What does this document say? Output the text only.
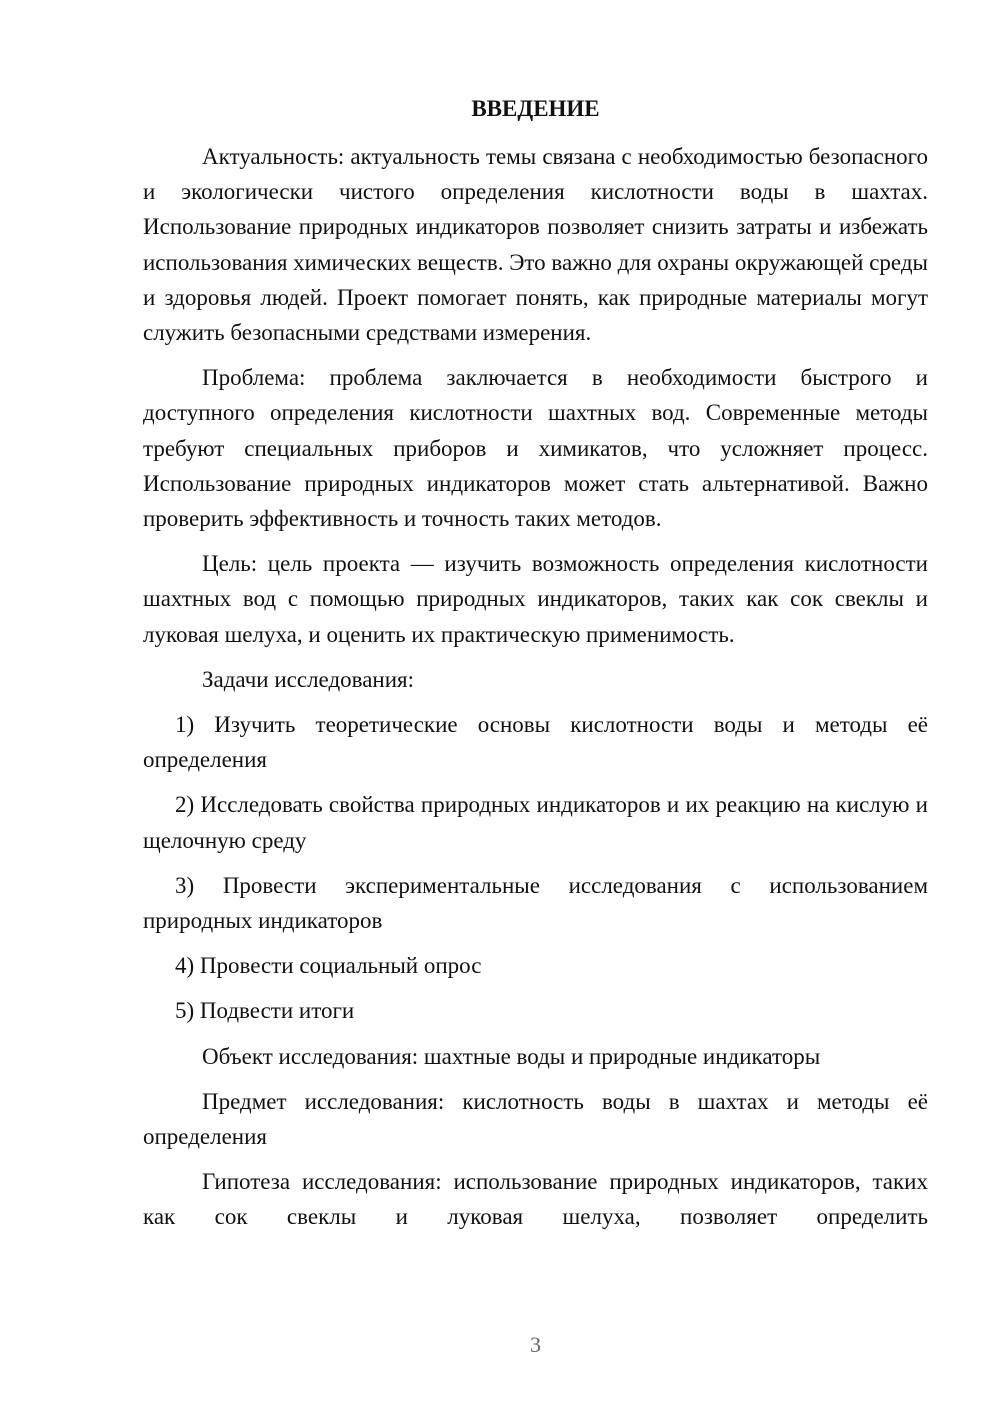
ВВЕДЕНИЕ

Актуальность: актуальность темы связана с необходимостью безопасного и экологически чистого определения кислотности воды в шахтах. Использование природных индикаторов позволяет снизить затраты и избежать использования химических веществ. Это важно для охраны окружающей среды и здоровья людей. Проект помогает понять, как природные материалы могут служить безопасными средствами измерения.

Проблема: проблема заключается в необходимости быстрого и доступного определения кислотности шахтных вод. Современные методы требуют специальных приборов и химикатов, что усложняет процесс. Использование природных индикаторов может стать альтернативой. Важно проверить эффективность и точность таких методов.

Цель: цель проекта — изучить возможность определения кислотности шахтных вод с помощью природных индикаторов, таких как сок свеклы и луковая шелуха, и оценить их практическую применимость.

Задачи исследования:

1) Изучить теоретические основы кислотности воды и методы её определения

2) Исследовать свойства природных индикаторов и их реакцию на кислую и щелочную среду

3) Провести экспериментальные исследования с использованием природных индикаторов

4) Провести социальный опрос

5) Подвести итоги

Объект исследования: шахтные воды и природные индикаторы

Предмет исследования: кислотность воды в шахтах и методы её определения

Гипотеза исследования: использование природных индикаторов, таких как сок свеклы и луковая шелуха, позволяет определить

3
